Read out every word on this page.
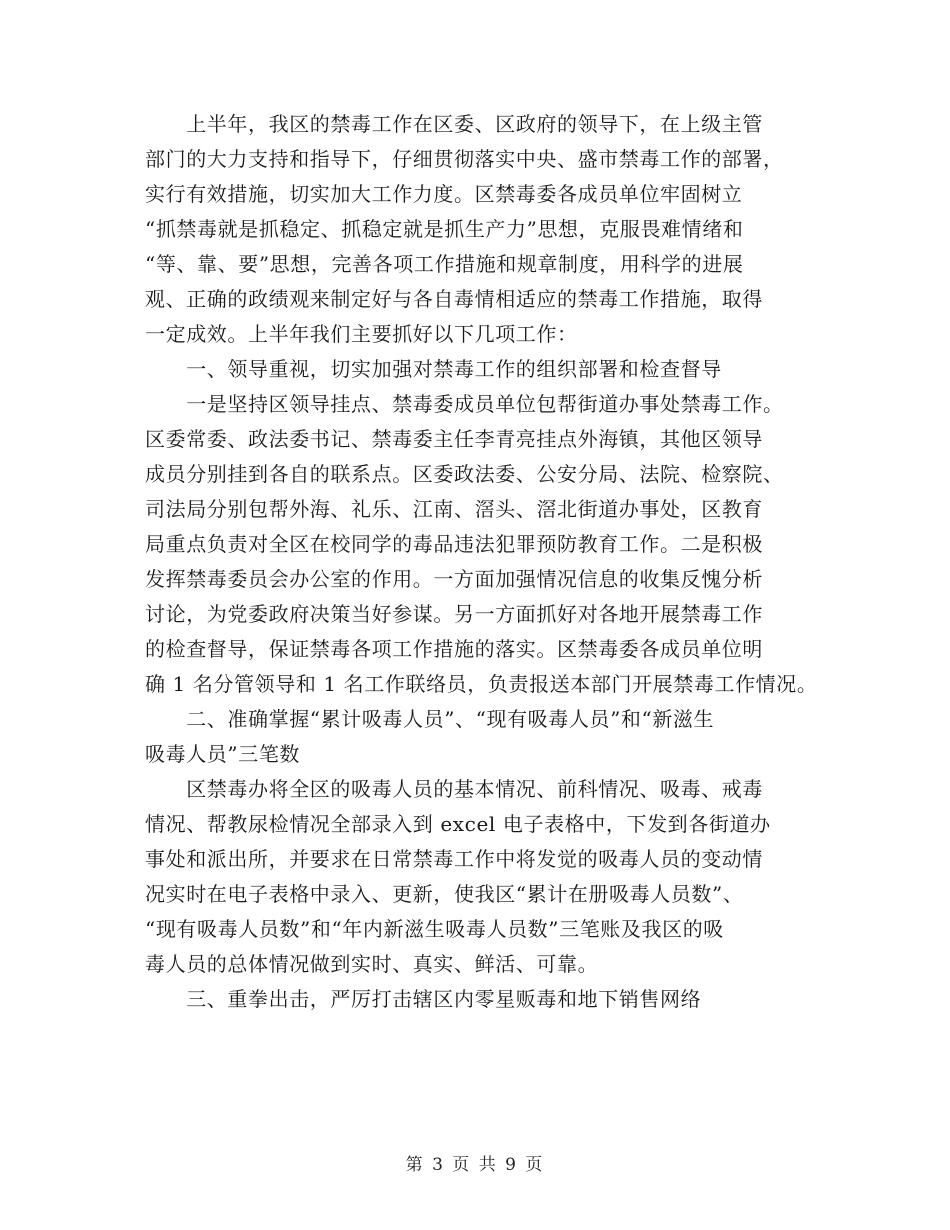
　　上半年，我区的禁毒工作在区委、区政府的领导下，在上级主管
部门的大力支持和指导下，仔细贯彻落实中央、盛市禁毒工作的部署，
实行有效措施，切实加大工作力度。区禁毒委各成员单位牢固树立
“抓禁毒就是抓稳定、抓稳定就是抓生产力”思想，克服畏难情绪和
“等、靠、要”思想，完善各项工作措施和规章制度，用科学的进展
观、正确的政绩观来制定好与各自毒情相适应的禁毒工作措施，取得
一定成效。上半年我们主要抓好以下几项工作：
　　一、领导重视，切实加强对禁毒工作的组织部署和检查督导
　　一是坚持区领导挂点、禁毒委成员单位包帮街道办事处禁毒工作。
区委常委、政法委书记、禁毒委主任李青亮挂点外海镇，其他区领导
成员分别挂到各自的联系点。区委政法委、公安分局、法院、检察院、
司法局分别包帮外海、礼乐、江南、滘头、滘北街道办事处，区教育
局重点负责对全区在校同学的毒品违法犯罪预防教育工作。二是积极
发挥禁毒委员会办公室的作用。一方面加强情况信息的收集反愧分析
讨论，为党委政府决策当好参谋。另一方面抓好对各地开展禁毒工作
的检查督导，保证禁毒各项工作措施的落实。区禁毒委各成员单位明
确 1 名分管领导和 1 名工作联络员，负责报送本部门开展禁毒工作情况。
　　二、准确掌握“累计吸毒人员”、“现有吸毒人员”和“新滋生
吸毒人员”三笔数
　　区禁毒办将全区的吸毒人员的基本情况、前科情况、吸毒、戒毒
情况、帮教尿检情况全部录入到 excel 电子表格中，下发到各街道办
事处和派出所，并要求在日常禁毒工作中将发觉的吸毒人员的变动情
况实时在电子表格中录入、更新，使我区“累计在册吸毒人员数”、
“现有吸毒人员数”和“年内新滋生吸毒人员数”三笔账及我区的吸
毒人员的总体情况做到实时、真实、鲜活、可靠。
　　三、重拳出击，严厉打击辖区内零星贩毒和地下销售网络
第 3 页 共 9 页
